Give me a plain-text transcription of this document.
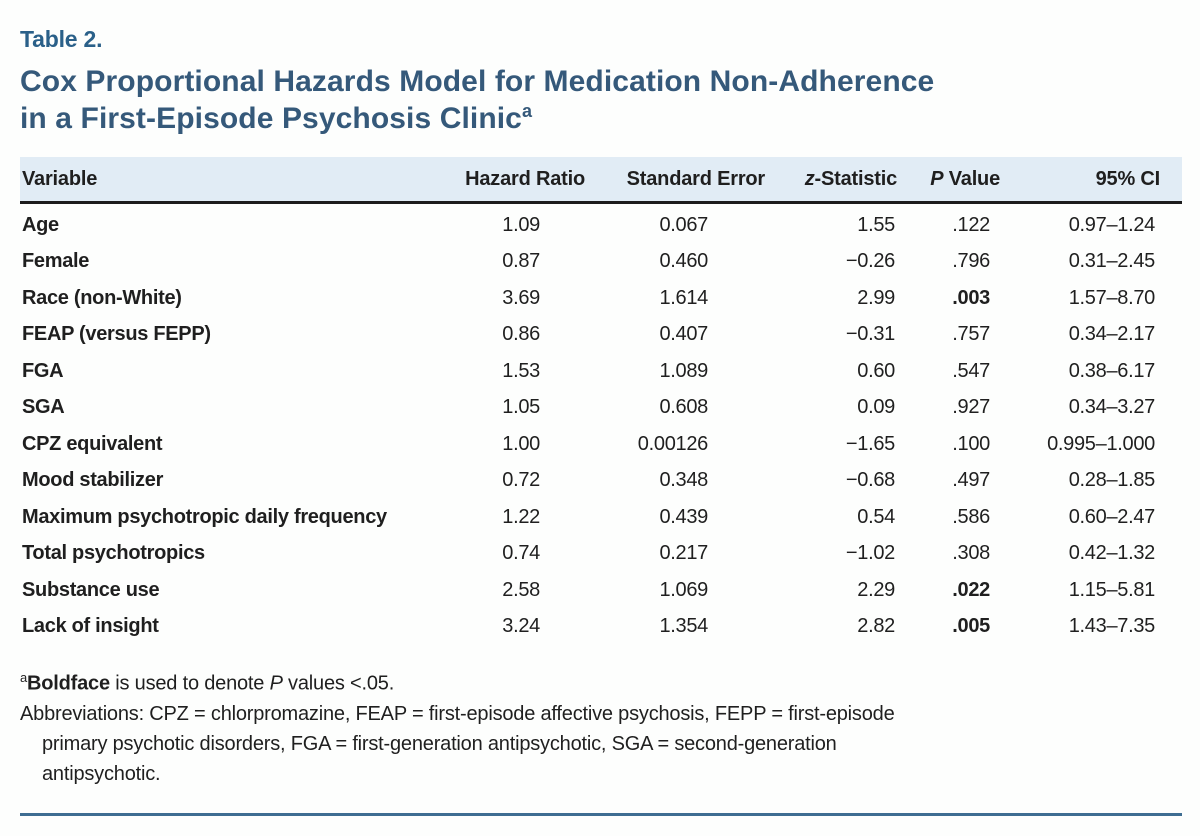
Table 2.
Cox Proportional Hazards Model for Medication Non-Adherence
in a First-Episode Psychosis Clinic$^a$
Variable	Hazard Ratio	Standard Error	z-Statistic	P Value	95% CI
Age	1.09	0.067	1.55	.122	0.97–1.24
Female	0.87	0.460	−0.26	.796	0.31–2.45
Race (non-White)	3.69	1.614	2.99	.003	1.57–8.70
FEAP (versus FEPP)	0.86	0.407	−0.31	.757	0.34–2.17
FGA	1.53	1.089	0.60	.547	0.38–6.17
SGA	1.05	0.608	0.09	.927	0.34–3.27
CPZ equivalent	1.00	0.00126	−1.65	.100	0.995–1.000
Mood stabilizer	0.72	0.348	−0.68	.497	0.28–1.85
Maximum psychotropic daily frequency	1.22	0.439	0.54	.586	0.60–2.47
Total psychotropics	0.74	0.217	−1.02	.308	0.42–1.32
Substance use	2.58	1.069	2.29	.022	1.15–5.81
Lack of insight	3.24	1.354	2.82	.005	1.43–7.35
$^a$Boldface is used to denote P values <.05.
Abbreviations: CPZ = chlorpromazine, FEAP = first-episode affective psychosis, FEPP = first-episode
primary psychotic disorders, FGA = first-generation antipsychotic, SGA = second-generation
antipsychotic.
